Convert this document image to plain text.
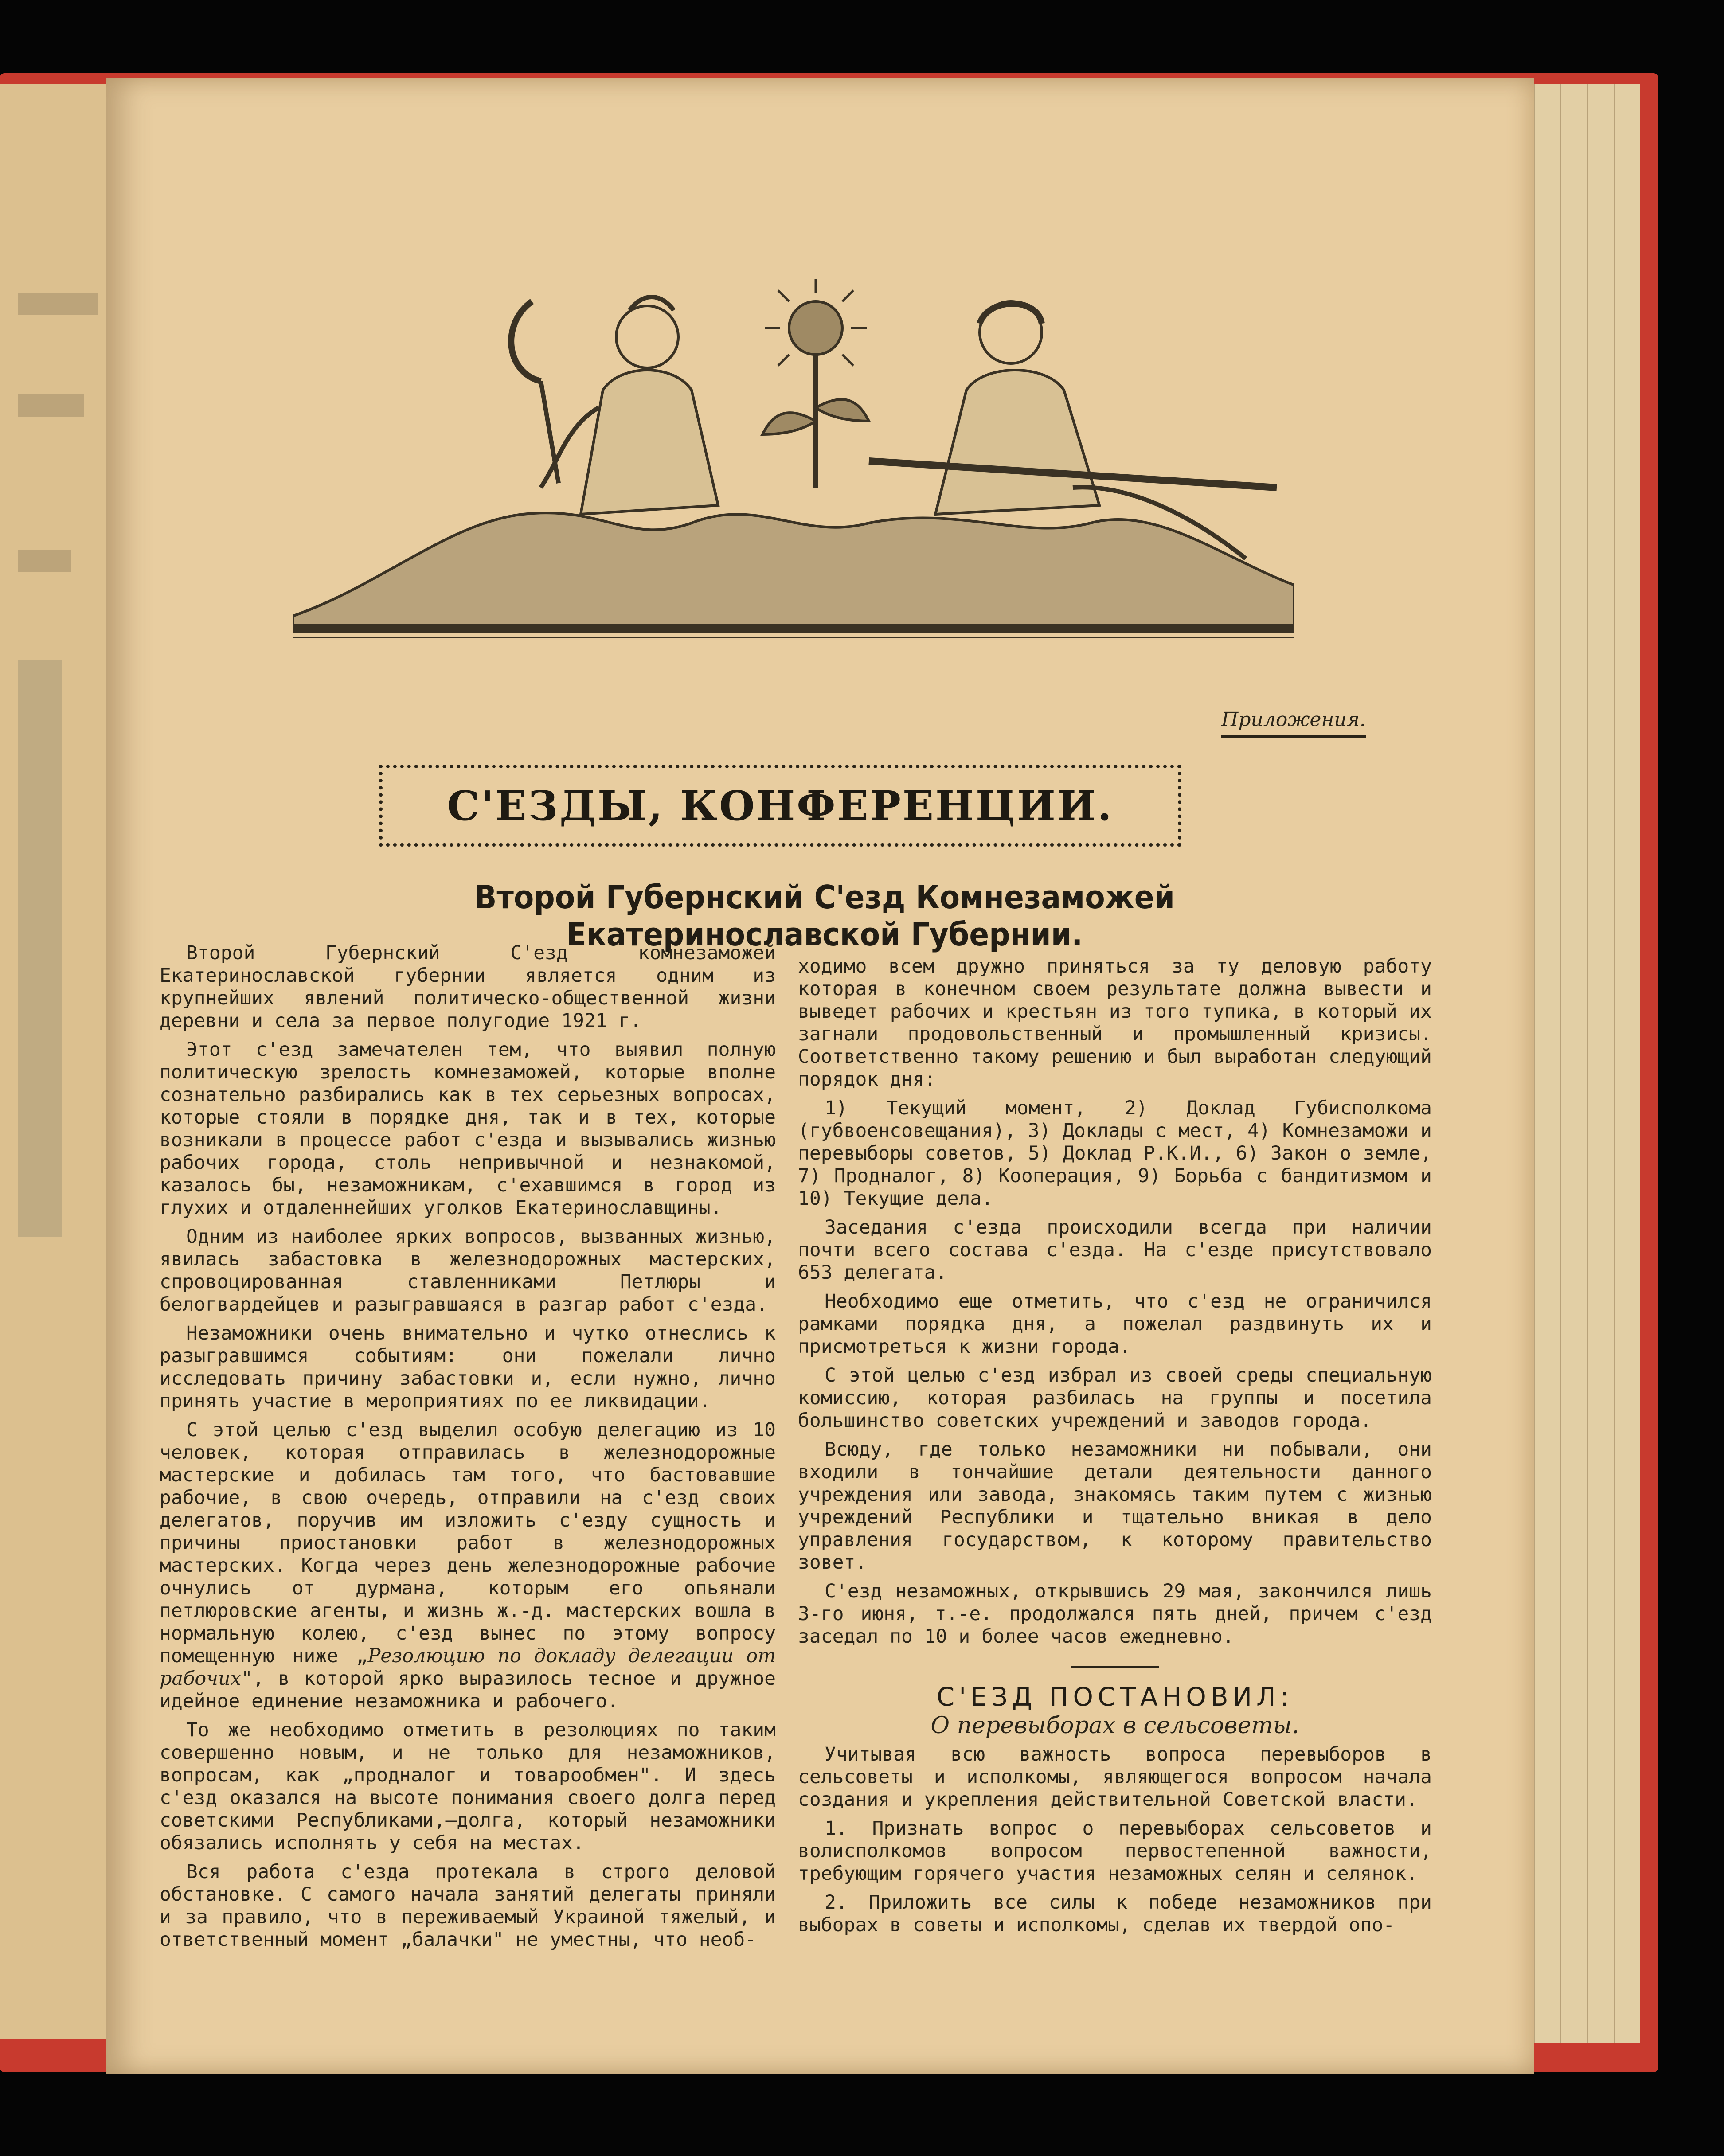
Приложения.
С'ЕЗДЫ, КОНФЕРЕНЦИИ.
Второй Губернский С'езд Комнезаможей Екатеринославской Губернии.

Второй Губернский С'езд комнезаможей Екатеринославской губернии является одним из крупнейших явлений политическо-общественной жизни деревни и села за первое полугодие 1921 г.

Этот с'езд замечателен тем, что выявил полную политическую зрелость комнезаможей, которые вполне сознательно разбирались как в тех серьезных вопросах, которые стояли в порядке дня, так и в тех, которые возникали в процессе работ с'езда и вызывались жизнью рабочих города, столь непривычной и незнакомой, казалось бы, незаможникам, с'ехавшимся в город из глухих и отдаленнейших уголков Екатеринославщины.

Одним из наиболее ярких вопросов, вызванных жизнью, явилась забастовка в железнодорожных мастерских, спровоцированная ставленниками Петлюры и белогвардейцев и разыгравшаяся в разгар работ с'езда.

Незаможники очень внимательно и чутко отнеслись к разыгравшимся событиям: они пожелали лично исследовать причину забастовки и, если нужно, лично принять участие в мероприятиях по ее ликвидации.

С этой целью с'езд выделил особую делегацию из 10 человек, которая отправилась в железнодорожные мастерские и добилась там того, что бастовавшие рабочие, в свою очередь, отправили на с'езд своих делегатов, поручив им изложить с'езду сущность и причины приостановки работ в железнодорожных мастерских. Когда через день железнодорожные рабочие очнулись от дурмана, которым его опьянали петлюровские агенты, и жизнь ж.-д. мастерских вошла в нормальную колею, с'езд вынес по этому вопросу помещенную ниже „Резолюцию по докладу делегации от рабочих", в которой ярко выразилось тесное и дружное идейное единение незаможника и рабочего.

То же необходимо отметить в резолюциях по таким совершенно новым, и не только для незаможников, вопросам, как „продналог и товарообмен". И здесь с'езд оказался на высоте понимания своего долга перед советскими Республиками,—долга, который незаможники обязались исполнять у себя на местах.

Вся работа с'езда протекала в строго деловой обстановке. С самого начала занятий делегаты приняли и за правило, что в переживаемый Украиной тяжелый, и ответственный момент „балачки" не уместны, что необ-

ходимо всем дружно приняться за ту деловую работу которая в конечном своем результате должна вывести и выведет рабочих и крестьян из того тупика, в который их загнали продовольственный и промышленный кризисы. Соответственно такому решению и был выработан следующий порядок дня:

1) Текущий момент, 2) Доклад Губисполкома (губвоенсовещания), 3) Доклады с мест, 4) Комнезаможи и перевыборы советов, 5) Доклад Р.К.И., 6) Закон о земле, 7) Продналог, 8) Кооперация, 9) Борьба с бандитизмом и 10) Текущие дела.

Заседания с'езда происходили всегда при наличии почти всего состава с'езда. На с'езде присутствовало 653 делегата.

Необходимо еще отметить, что с'езд не ограничился рамками порядка дня, а пожелал раздвинуть их и присмотреться к жизни города.

С этой целью с'езд избрал из своей среды специальную комиссию, которая разбилась на группы и посетила большинство советских учреждений и заводов города.

Всюду, где только незаможники ни побывали, они входили в тончайшие детали деятельности данного учреждения или завода, знакомясь таким путем с жизнью учреждений Республики и тщательно вникая в дело управления государством, к которому правительство зовет.

С'езд незаможных, открывшись 29 мая, закончился лишь 3-го июня, т.-е. продолжался пять дней, причем с'езд заседал по 10 и более часов ежедневно.

С'ЕЗД ПОСТАНОВИЛ:

О перевыборах в сельсоветы.

Учитывая всю важность вопроса перевыборов в сельсоветы и исполкомы, являющегося вопросом начала создания и укрепления действительной Советской власти.

1. Признать вопрос о перевыборах сельсоветов и волисполкомов вопросом первостепенной важности, требующим горячего участия незаможных селян и селянок.

2. Приложить все силы к победе незаможников при выборах в советы и исполкомы, сделав их твердой опо-
